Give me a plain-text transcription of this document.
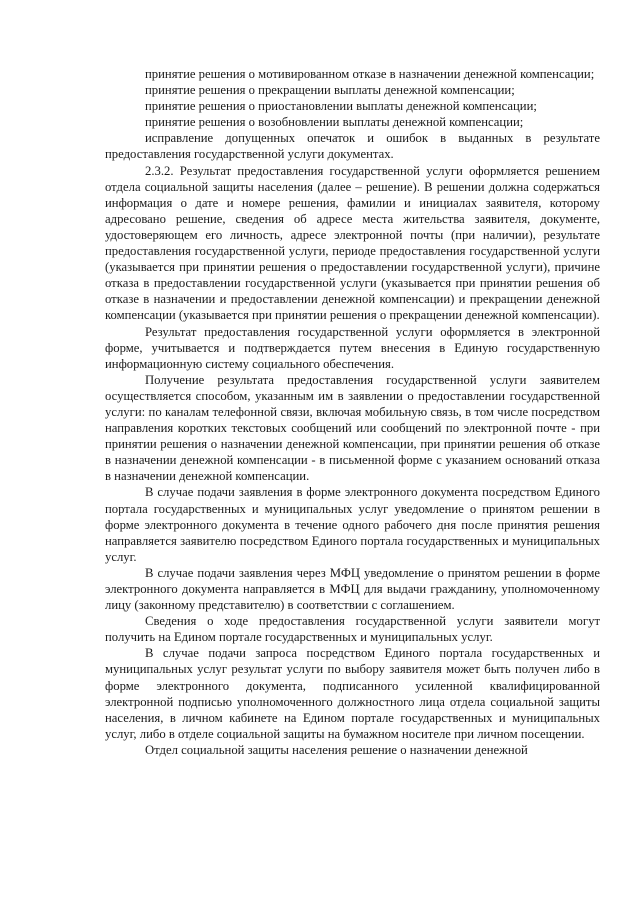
принятие решения о мотивированном отказе в назначении денежной компенсации;

принятие решения о прекращении выплаты денежной компенсации;

принятие решения о приостановлении выплаты денежной компенсации;

принятие решения о возобновлении выплаты денежной компенсации;

исправление допущенных опечаток и ошибок в выданных в результате предоставления государственной услуги документах.

2.3.2. Результат предоставления государственной услуги оформляется решением отдела социальной защиты населения (далее – решение). В решении должна содержаться информация о дате и номере решения, фамилии и инициалах заявителя, которому адресовано решение, сведения об адресе места жительства заявителя, документе, удостоверяющем его личность, адресе электронной почты (при наличии), результате предоставления государственной услуги, периоде предоставления государственной услуги (указывается при принятии решения о предоставлении государственной услуги), причине отказа в предоставлении государственной услуги (указывается при принятии решения об отказе в назначении и предоставлении денежной компенсации) и прекращении денежной компенсации (указывается при принятии решения о прекращении денежной компенсации).

Результат предоставления государственной услуги оформляется в электронной форме, учитывается и подтверждается путем внесения в Единую государственную информационную систему социального обеспечения.

Получение результата предоставления государственной услуги заявителем осуществляется способом, указанным им в заявлении о предоставлении государственной услуги: по каналам телефонной связи, включая мобильную связь, в том числе посредством направления коротких текстовых сообщений или сообщений по электронной почте - при принятии решения о назначении денежной компенсации, при принятии решения об отказе в назначении денежной компенсации - в письменной форме с указанием оснований отказа в назначении денежной компенсации.

В случае подачи заявления в форме электронного документа посредством Единого портала государственных и муниципальных услуг уведомление о принятом решении в форме электронного документа в течение одного рабочего дня после принятия решения направляется заявителю посредством Единого портала государственных и муниципальных услуг.

В случае подачи заявления через МФЦ уведомление о принятом решении в форме электронного документа направляется в МФЦ для выдачи гражданину, уполномоченному лицу (законному представителю) в соответствии с соглашением.

Сведения о ходе предоставления государственной услуги заявители могут получить на Едином портале государственных и муниципальных услуг.

В случае подачи запроса посредством Единого портала государственных и муниципальных услуг результат услуги по выбору заявителя может быть получен либо в форме электронного документа, подписанного усиленной квалифицированной электронной подписью уполномоченного должностного лица отдела социальной защиты населения, в личном кабинете на Едином портале государственных и муниципальных услуг, либо в отделе социальной защиты на бумажном носителе при личном посещении.

Отдел социальной защиты населения решение о назначении денежной
